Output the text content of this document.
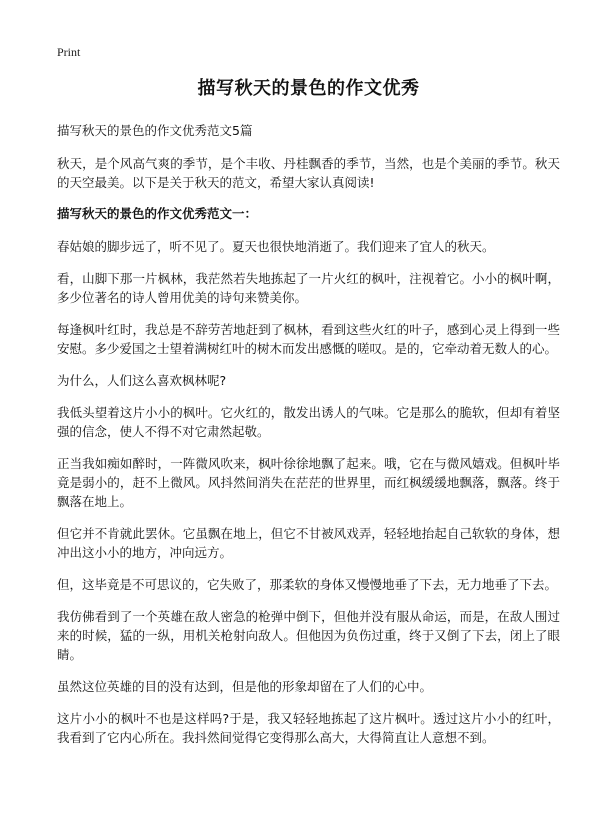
Print
描写秋天的景色的作文优秀
描写秋天的景色的作文优秀范文5篇
秋天，是个风高气爽的季节，是个丰收、丹桂飘香的季节，当然，也是个美丽的季节。秋天的天空最美。以下是关于秋天的范文，希望大家认真阅读!
描写秋天的景色的作文优秀范文一：
春姑娘的脚步远了，听不见了。夏天也很快地消逝了。我们迎来了宜人的秋天。
看，山脚下那一片枫林，我茫然若失地拣起了一片火红的枫叶，注视着它。小小的枫叶啊，多少位著名的诗人曾用优美的诗句来赞美你。
每逢枫叶红时，我总是不辞劳苦地赶到了枫林，看到这些火红的叶子，感到心灵上得到一些安慰。多少爱国之士望着满树红叶的树木而发出感慨的嗟叹。是的，它牵动着无数人的心。
为什么，人们这么喜欢枫林呢?
我低头望着这片小小的枫叶。它火红的，散发出诱人的气味。它是那么的脆软，但却有着坚强的信念，使人不得不对它肃然起敬。
正当我如痴如醉时，一阵微风吹来，枫叶徐徐地飘了起来。哦，它在与微风嬉戏。但枫叶毕竟是弱小的，赶不上微风。风抖然间消失在茫茫的世界里，而红枫缓缓地飘落，飘落。终于飘落在地上。
但它并不肯就此罢休。它虽飘在地上，但它不甘被风戏弄，轻轻地抬起自己软软的身体，想冲出这小小的地方，冲向远方。
但，这毕竟是不可思议的，它失败了，那柔软的身体又慢慢地垂了下去，无力地垂了下去。
我仿佛看到了一个英雄在敌人密急的枪弹中倒下，但他并没有服从命运，而是，在敌人围过来的时候，猛的一纵，用机关枪射向敌人。但他因为负伤过重，终于又倒了下去，闭上了眼睛。
虽然这位英雄的目的没有达到，但是他的形象却留在了人们的心中。
这片小小的枫叶不也是这样吗?于是，我又轻轻地拣起了这片枫叶。透过这片小小的红叶，我看到了它内心所在。我抖然间觉得它变得那么高大，大得简直让人意想不到。
